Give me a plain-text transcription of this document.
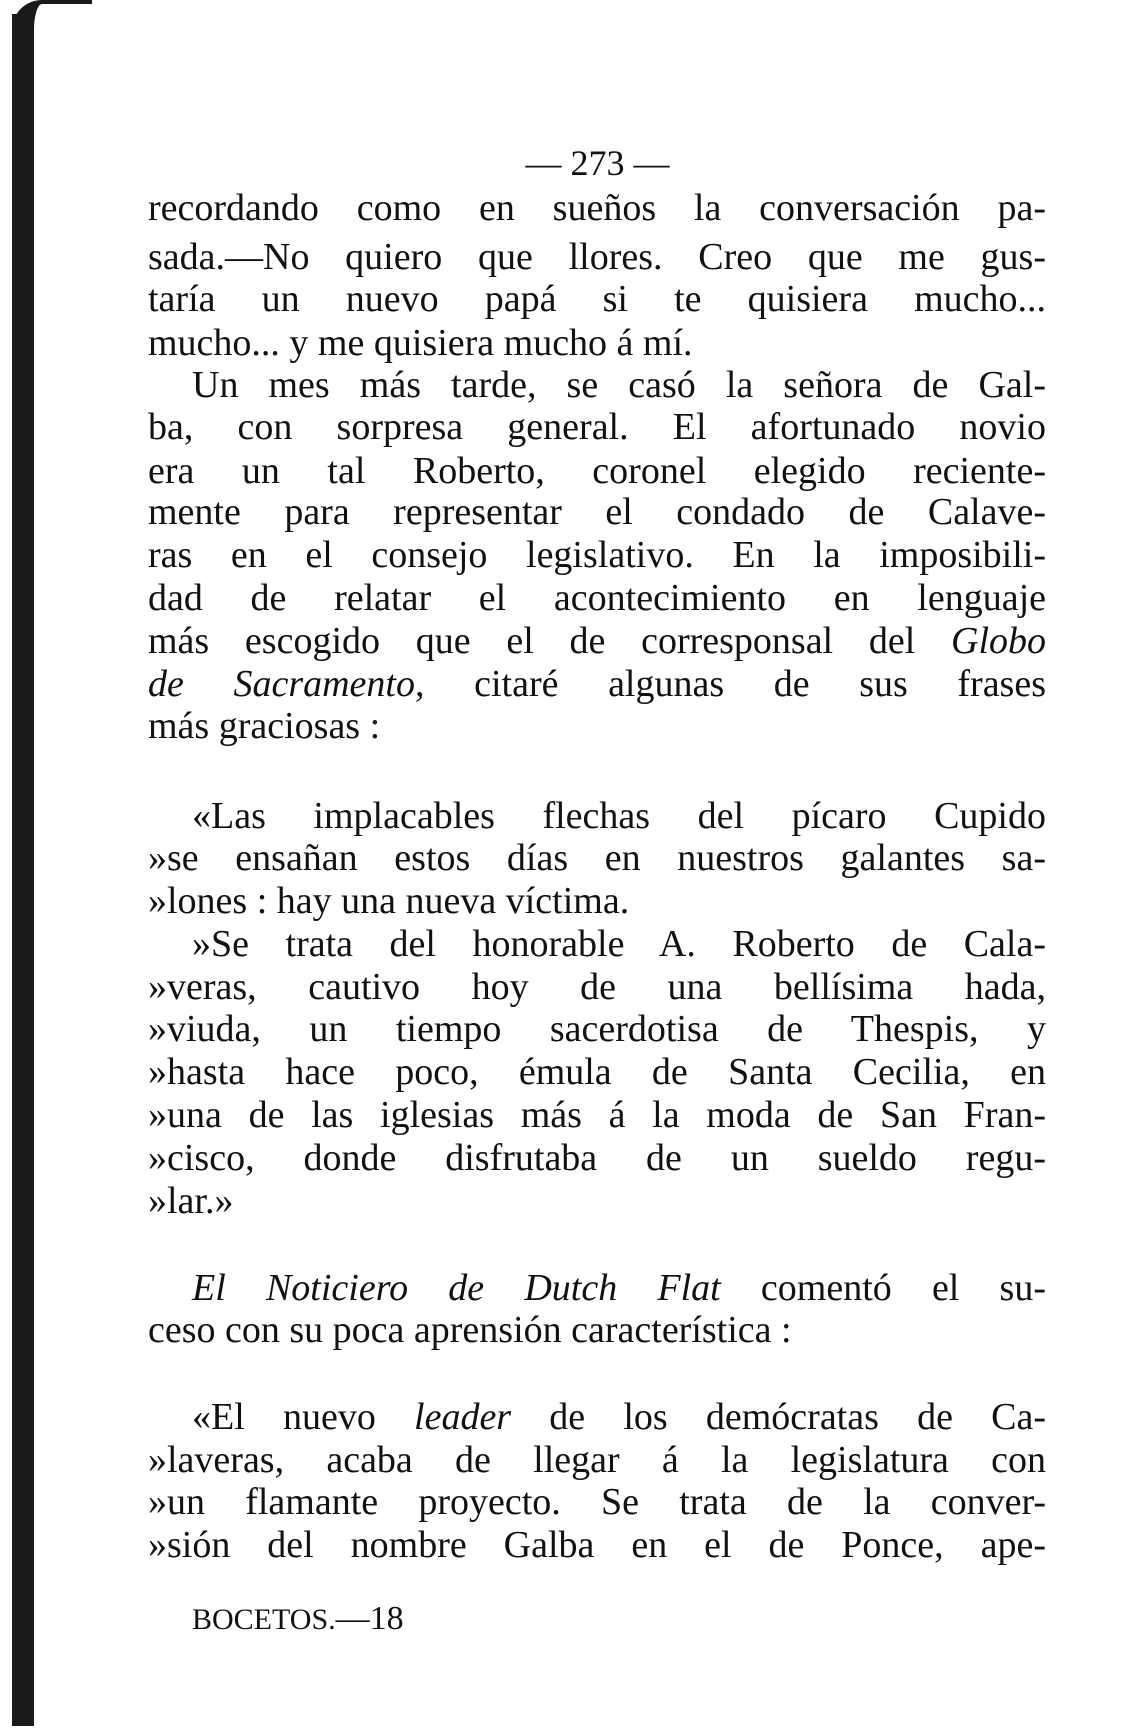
— 273 —
recordando como en sueños la conversación pa-
sada.—No quiero que llores. Creo que me gus-
taría un nuevo papá si te quisiera mucho...
mucho... y me quisiera mucho á mí.
Un mes más tarde, se casó la señora de Gal-
ba, con sorpresa general. El afortunado novio
era un tal Roberto, coronel elegido reciente-
mente para representar el condado de Calave-
ras en el consejo legislativo. En la imposibili-
dad de relatar el acontecimiento en lenguaje
más escogido que el de corresponsal del Globo
de Sacramento, citaré algunas de sus frases
más graciosas :
«Las implacables flechas del pícaro Cupido
»se ensañan estos días en nuestros galantes sa-
»lones : hay una nueva víctima.
»Se trata del honorable A. Roberto de Cala-
»veras, cautivo hoy de una bellísima hada,
»viuda, un tiempo sacerdotisa de Thespis, y
»hasta hace poco, émula de Santa Cecilia, en
»una de las iglesias más á la moda de San Fran-
»cisco, donde disfrutaba de un sueldo regu-
»lar.»
El Noticiero de Dutch Flat comentó el su-
ceso con su poca aprensión característica :
«El nuevo leader de los demócratas de Ca-
»laveras, acaba de llegar á la legislatura con
»un flamante proyecto. Se trata de la conver-
»sión del nombre Galba en el de Ponce, ape-
BOCETOS.—18
